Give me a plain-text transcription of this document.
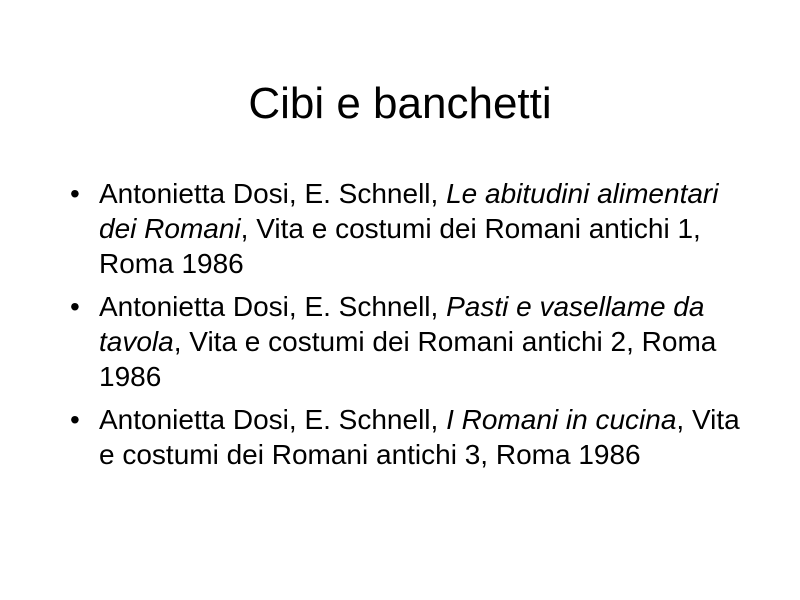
Cibi e banchetti
•
Antonietta Dosi, E. Schnell, Le abitudini alimentari dei Romani, Vita e costumi dei Romani antichi 1, Roma 1986
•
Antonietta Dosi, E. Schnell, Pasti e vasellame da tavola, Vita e costumi dei Romani antichi 2, Roma 1986
•
Antonietta Dosi, E. Schnell, I Romani in cucina, Vita e costumi dei Romani antichi 3, Roma 1986
